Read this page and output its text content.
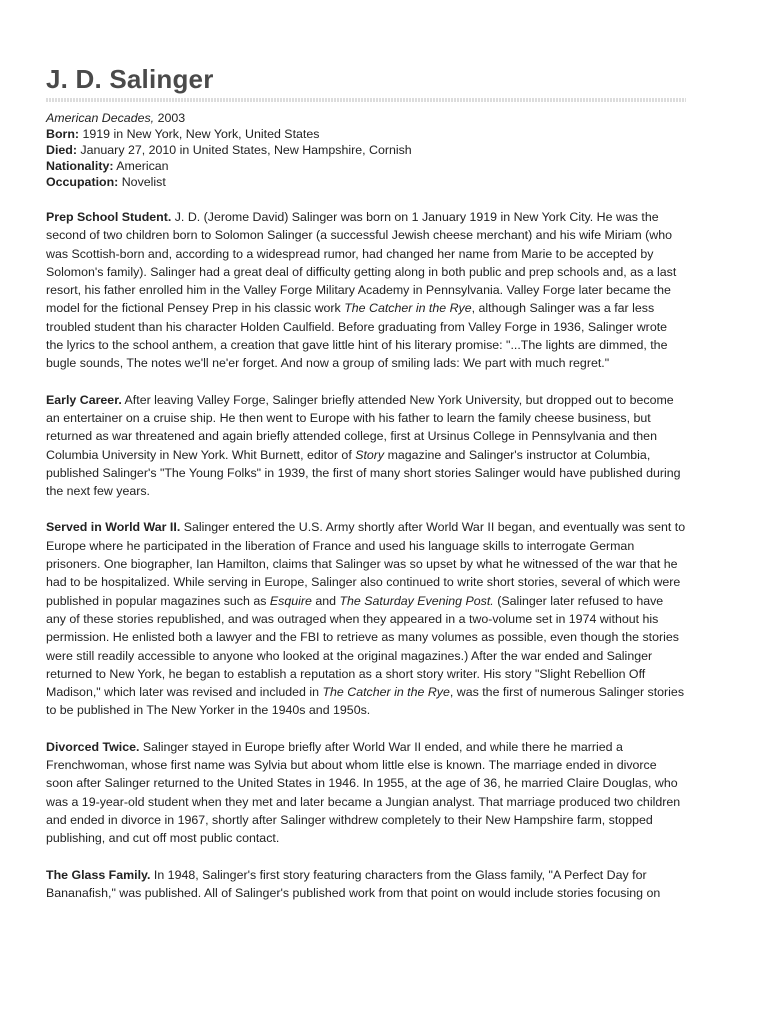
J. D. Salinger
American Decades, 2003
Born: 1919 in New York, New York, United States
Died: January 27, 2010 in United States, New Hampshire, Cornish
Nationality: American
Occupation: Novelist
Prep School Student. J. D. (Jerome David) Salinger was born on 1 January 1919 in New York City. He was the second of two children born to Solomon Salinger (a successful Jewish cheese merchant) and his wife Miriam (who was Scottish-born and, according to a widespread rumor, had changed her name from Marie to be accepted by Solomon's family). Salinger had a great deal of difficulty getting along in both public and prep schools and, as a last resort, his father enrolled him in the Valley Forge Military Academy in Pennsylvania. Valley Forge later became the model for the fictional Pensey Prep in his classic work The Catcher in the Rye, although Salinger was a far less troubled student than his character Holden Caulfield. Before graduating from Valley Forge in 1936, Salinger wrote the lyrics to the school anthem, a creation that gave little hint of his literary promise: "...The lights are dimmed, the bugle sounds, The notes we'll ne'er forget. And now a group of smiling lads: We part with much regret."
Early Career. After leaving Valley Forge, Salinger briefly attended New York University, but dropped out to become an entertainer on a cruise ship. He then went to Europe with his father to learn the family cheese business, but returned as war threatened and again briefly attended college, first at Ursinus College in Pennsylvania and then Columbia University in New York. Whit Burnett, editor of Story magazine and Salinger's instructor at Columbia, published Salinger's "The Young Folks" in 1939, the first of many short stories Salinger would have published during the next few years.
Served in World War II. Salinger entered the U.S. Army shortly after World War II began, and eventually was sent to Europe where he participated in the liberation of France and used his language skills to interrogate German prisoners. One biographer, Ian Hamilton, claims that Salinger was so upset by what he witnessed of the war that he had to be hospitalized. While serving in Europe, Salinger also continued to write short stories, several of which were published in popular magazines such as Esquire and The Saturday Evening Post. (Salinger later refused to have any of these stories republished, and was outraged when they appeared in a two-volume set in 1974 without his permission. He enlisted both a lawyer and the FBI to retrieve as many volumes as possible, even though the stories were still readily accessible to anyone who looked at the original magazines.) After the war ended and Salinger returned to New York, he began to establish a reputation as a short story writer. His story "Slight Rebellion Off Madison," which later was revised and included in The Catcher in the Rye, was the first of numerous Salinger stories to be published in The New Yorker in the 1940s and 1950s.
Divorced Twice. Salinger stayed in Europe briefly after World War II ended, and while there he married a Frenchwoman, whose first name was Sylvia but about whom little else is known. The marriage ended in divorce soon after Salinger returned to the United States in 1946. In 1955, at the age of 36, he married Claire Douglas, who was a 19-year-old student when they met and later became a Jungian analyst. That marriage produced two children and ended in divorce in 1967, shortly after Salinger withdrew completely to their New Hampshire farm, stopped publishing, and cut off most public contact.
The Glass Family. In 1948, Salinger's first story featuring characters from the Glass family, "A Perfect Day for Bananafish," was published. All of Salinger's published work from that point on would include stories focusing on
